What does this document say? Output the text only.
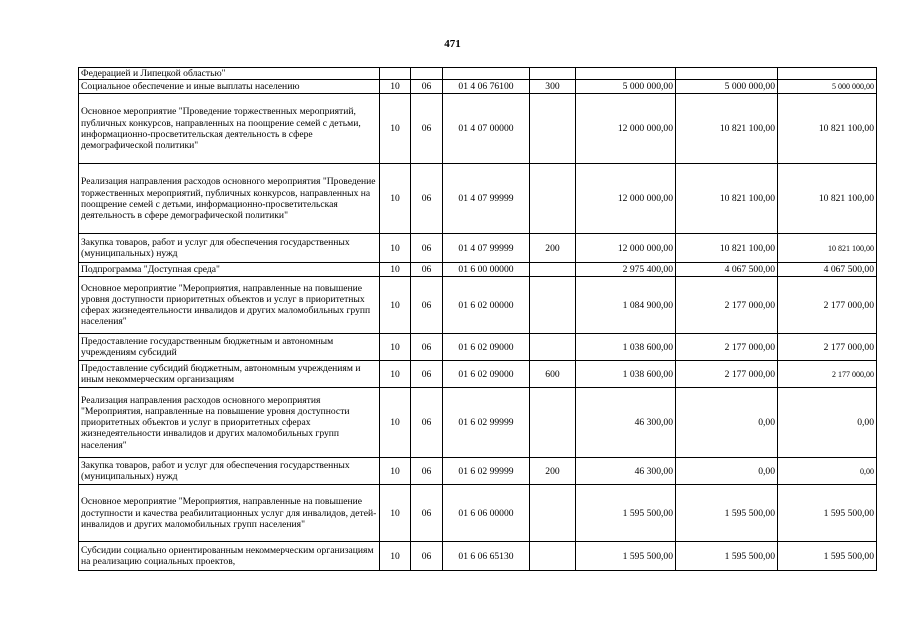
471
Федерацией и Липецкой областью"							
Социальное обеспечение и иные выплаты населению	10	06	01 4 06 76100	300	5 000 000,00	5 000 000,00	5 000 000,00
Основное мероприятие "Проведение торжественных мероприятий, публичных конкурсов, направленных на поощрение семей с детьми, информационно-просветительская деятельность в сфере демографической политики"	10	06	01 4 07 00000		12 000 000,00	10 821 100,00	10 821 100,00
Реализация направления расходов основного мероприятия "Проведение торжественных мероприятий, публичных конкурсов, направленных на поощрение семей с детьми, информационно-просветительская деятельность в сфере демографической политики"	10	06	01 4 07 99999		12 000 000,00	10 821 100,00	10 821 100,00
Закупка товаров, работ и услуг для обеспечения государственных (муниципальных) нужд	10	06	01 4 07 99999	200	12 000 000,00	10 821 100,00	10 821 100,00
Подпрограмма "Доступная среда"	10	06	01 6 00 00000		2 975 400,00	4 067 500,00	4 067 500,00
Основное мероприятие "Мероприятия, направленные на повышение уровня доступности приоритетных объектов и услуг в приоритетных сферах жизнедеятельности инвалидов и других маломобильных групп населения"	10	06	01 6 02 00000		1 084 900,00	2 177 000,00	2 177 000,00
Предоставление государственным бюджетным и автономным учреждениям субсидий	10	06	01 6 02 09000		1 038 600,00	2 177 000,00	2 177 000,00
Предоставление субсидий бюджетным, автономным учреждениям и иным некоммерческим организациям	10	06	01 6 02 09000	600	1 038 600,00	2 177 000,00	2 177 000,00
Реализация направления расходов основного мероприятия "Мероприятия, направленные на повышение уровня доступности приоритетных объектов и услуг в приоритетных сферах жизнедеятельности инвалидов и других маломобильных групп населения"	10	06	01 6 02 99999		46 300,00	0,00	0,00
Закупка товаров, работ и услуг для обеспечения государственных (муниципальных) нужд	10	06	01 6 02 99999	200	46 300,00	0,00	0,00
Основное мероприятие "Мероприятия, направленные на повышение доступности и качества реабилитационных услуг для инвалидов, детей-инвалидов и других маломобильных групп населения"	10	06	01 6 06 00000		1 595 500,00	1 595 500,00	1 595 500,00
Субсидии социально ориентированным некоммерческим организациям на реализацию социальных проектов,	10	06	01 6 06 65130		1 595 500,00	1 595 500,00	1 595 500,00
